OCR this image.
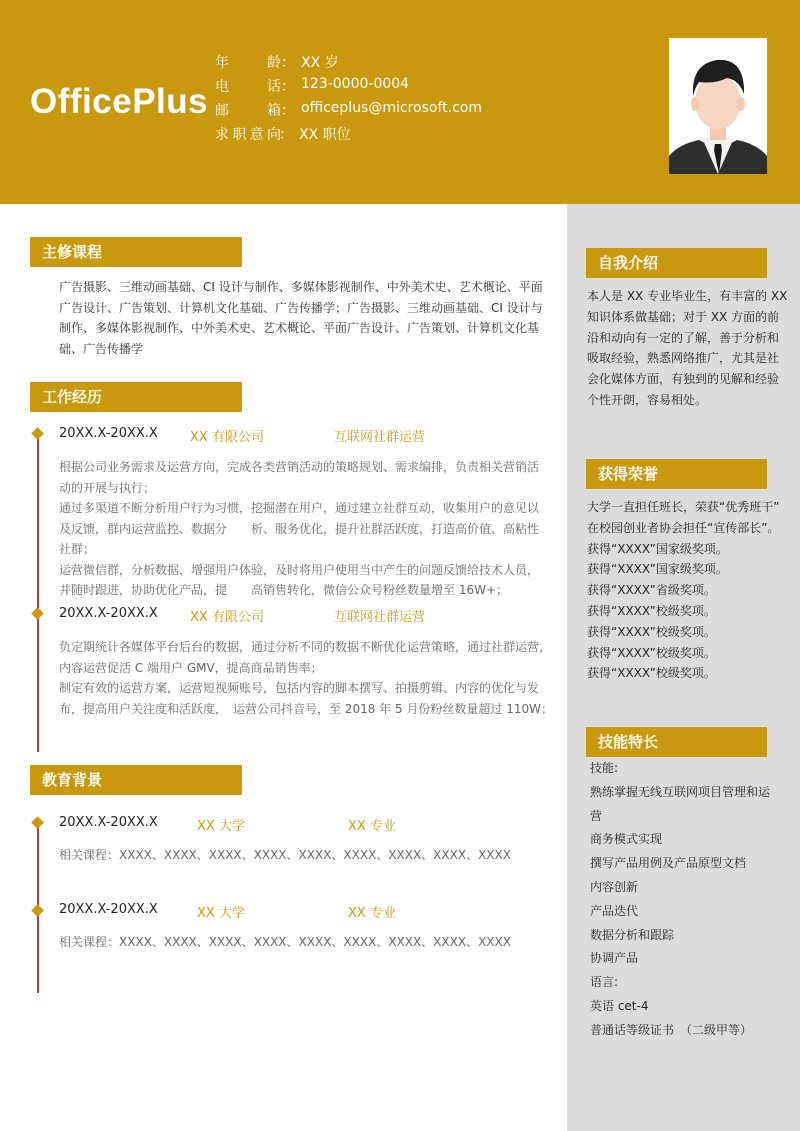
OfficePlus
年	龄 ： XX 岁
电	话 ： 123-0000-0004
邮	箱 ： officeplus@microsoft.com
求 职 意 向
： XX 职位
主修课程
广告摄影、三维动画基础、CI 设计与制作、多媒体影视制作、中外美术史、艺术概论、平面
广告设计、广告策划、计算机文化基础、广告传播学；广告摄影、三维动画基础、CI 设计与
制作、多媒体影视制作、中外美术史、艺术概论、平面广告设计、广告策划、计算机文化基
础、广告传播学
工作经历
20XX.X-20XX.X XX 有限公司	互联网社群运营
根据公司业务需求及运营方向，完成各类营销活动的策略规划、需求编排，负责相关营销活
动的开展与执行；
通过多渠道不断分析用户行为习惯，挖掘潜在用户，通过建立社群互动，收集用户的意见以
及反馈，群内运营监控、数据分　　析、服务优化，提升社群活跃度，打造高价值、高粘性
社群；
运营微信群，分析数据，增强用户体验，及时将用户使用当中产生的问题反馈给技术人员，
并随时跟进，协助优化产品，提　　高销售转化，微信公众号粉丝数量增至 16W+；
20XX.X-20XX.X XX 有限公司	互联网社群运营
负定期统计各媒体平台后台的数据，通过分析不同的数据不断优化运营策略，通过社群运营，
内容运营促活 C 端用户 GMV，提高商品销售率；
制定有效的运营方案，运营短视频账号，包括内容的脚本撰写、拍摄剪辑、内容的优化与发
布，提高用户关注度和活跃度，　运营公司抖音号，至 2018 年 5 月份粉丝数量超过 110W；
教育背景
20XX.X-20XX.X	XX 大学	XX 专业
相关课程：XXXX、XXXX、XXXX、XXXX、XXXX、XXXX、XXXX、XXXX、XXXX
20XX.X-20XX.X	XX 大学	XX 专业
相关课程：XXXX、XXXX、XXXX、XXXX、XXXX、XXXX、XXXX、XXXX、XXXX
自我介绍
本人是 XX 专业毕业生，有丰富的 XX
知识体系做基础；对于 XX 方面的前
沿和动向有一定的了解，善于分析和
吸取经验，熟悉网络推广，尤其是社
会化媒体方面，有独到的见解和经验
个性开朗，容易相处。
获得荣誉
大学一直担任班长，荣获“优秀班干”
在校园创业者协会担任“宣传部长”。
获得“XXXX”国家级奖项。
获得“XXXX”国家级奖项。
获得“XXXX”省级奖项。
获得“XXXX”校级奖项。
获得“XXXX”校级奖项。
获得“XXXX”校级奖项。
获得“XXXX”校级奖项。
技能特长
技能:
熟练掌握无线互联网项目管理和运
营
商务模式实现
撰写产品用例及产品原型文档
内容创新
产品迭代
数据分析和跟踪
协调产品
语言:
英语 cet-4
普通话等级证书　（二级甲等）
